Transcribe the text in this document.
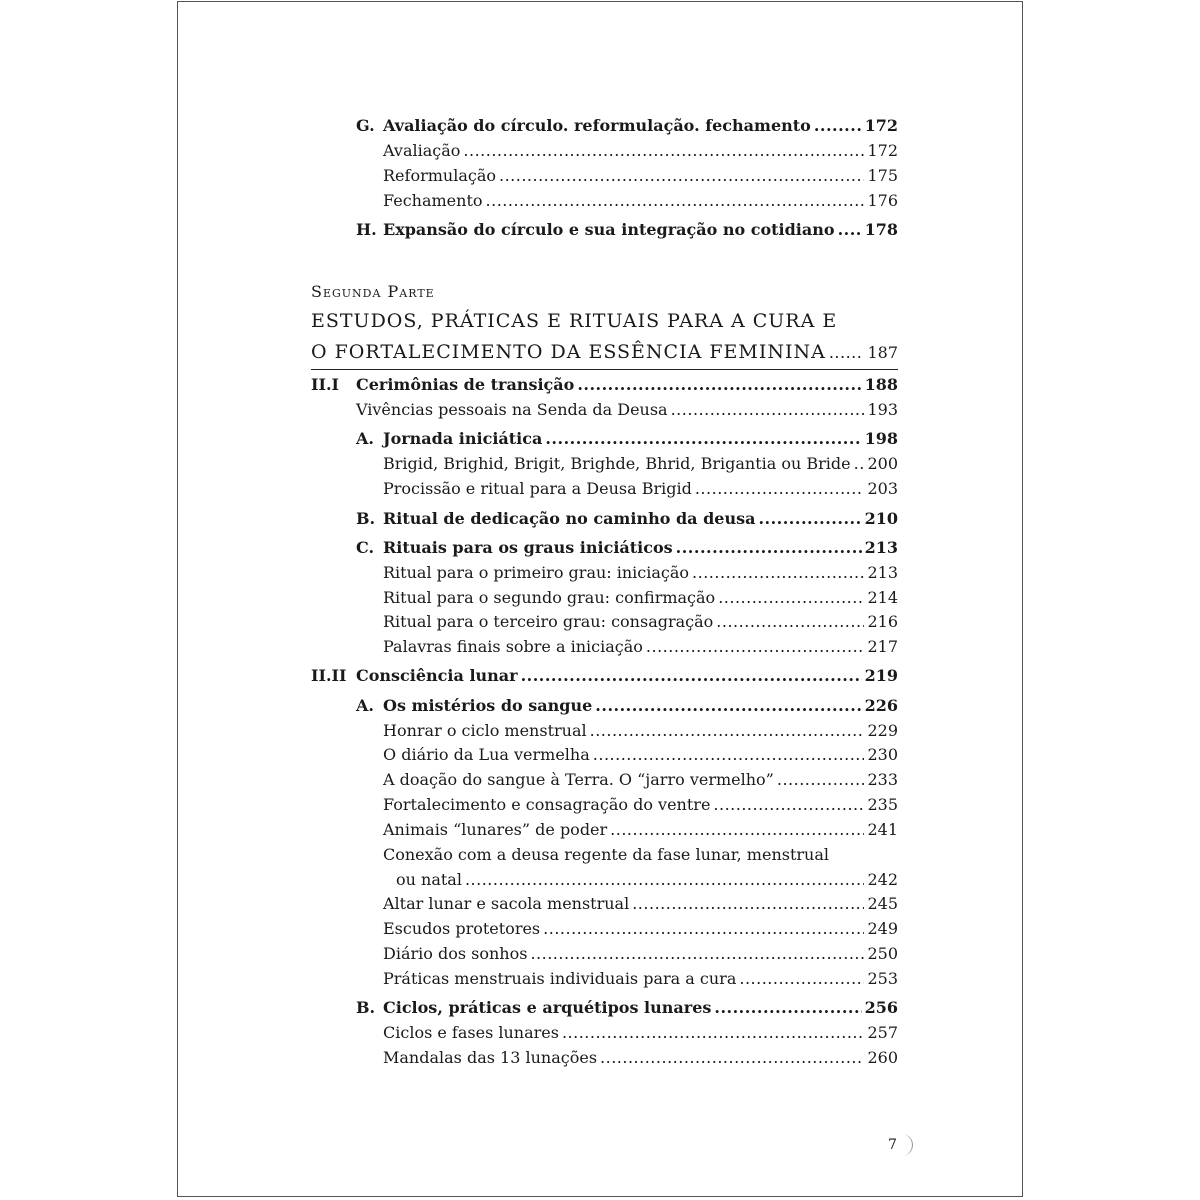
G. Avaliação do círculo. reformulação. fechamento .....	172
Avaliação .....	172
Reformulação .....	175
Fechamento .....	176
H. Expansão do círculo e sua integração no cotidiano ..... 178
Segunda Parte
ESTUDOS, PRÁTICAS E RITUAIS PARA A CURA E
O FORTALECIMENTO DA ESSÊNCIA FEMININA .....	187
II.I Cerimônias de transição .....	188
Vivências pessoais na Senda da Deusa .....	193
A. Jornada iniciática .....	198
Brigid, Brighid, Brigit, Brighde, Bhrid, Brigantia ou Bride ..... 200
Procissão e ritual para a Deusa Brigid .....	203
B. Ritual de dedicação no caminho da deusa .....	210
C. Rituais para os graus iniciáticos .....	213
Ritual para o primeiro grau: iniciação .....	213
Ritual para o segundo grau: confirmação .....	214
Ritual para o terceiro grau: consagração .....	216
Palavras finais sobre a iniciação .....	217
II.II Consciência lunar .....	219
A. Os mistérios do sangue .....	226
Honrar o ciclo menstrual .....	229
O diário da Lua vermelha .....	230
A doação do sangue à Terra. O “jarro vermelho” .....	233
Fortalecimento e consagração do ventre .....	235
Animais “lunares” de poder .....	241
Conexão com a deusa regente da fase lunar, menstrual
ou natal .....	242
Altar lunar e sacola menstrual .....	245
Escudos protetores .....	249
Diário dos sonhos .....	250
Práticas menstruais individuais para a cura .....	253
B. Ciclos, práticas e arquétipos lunares .....	256
Ciclos e fases lunares .....	257
Mandalas das 13 lunações .....	260
7
